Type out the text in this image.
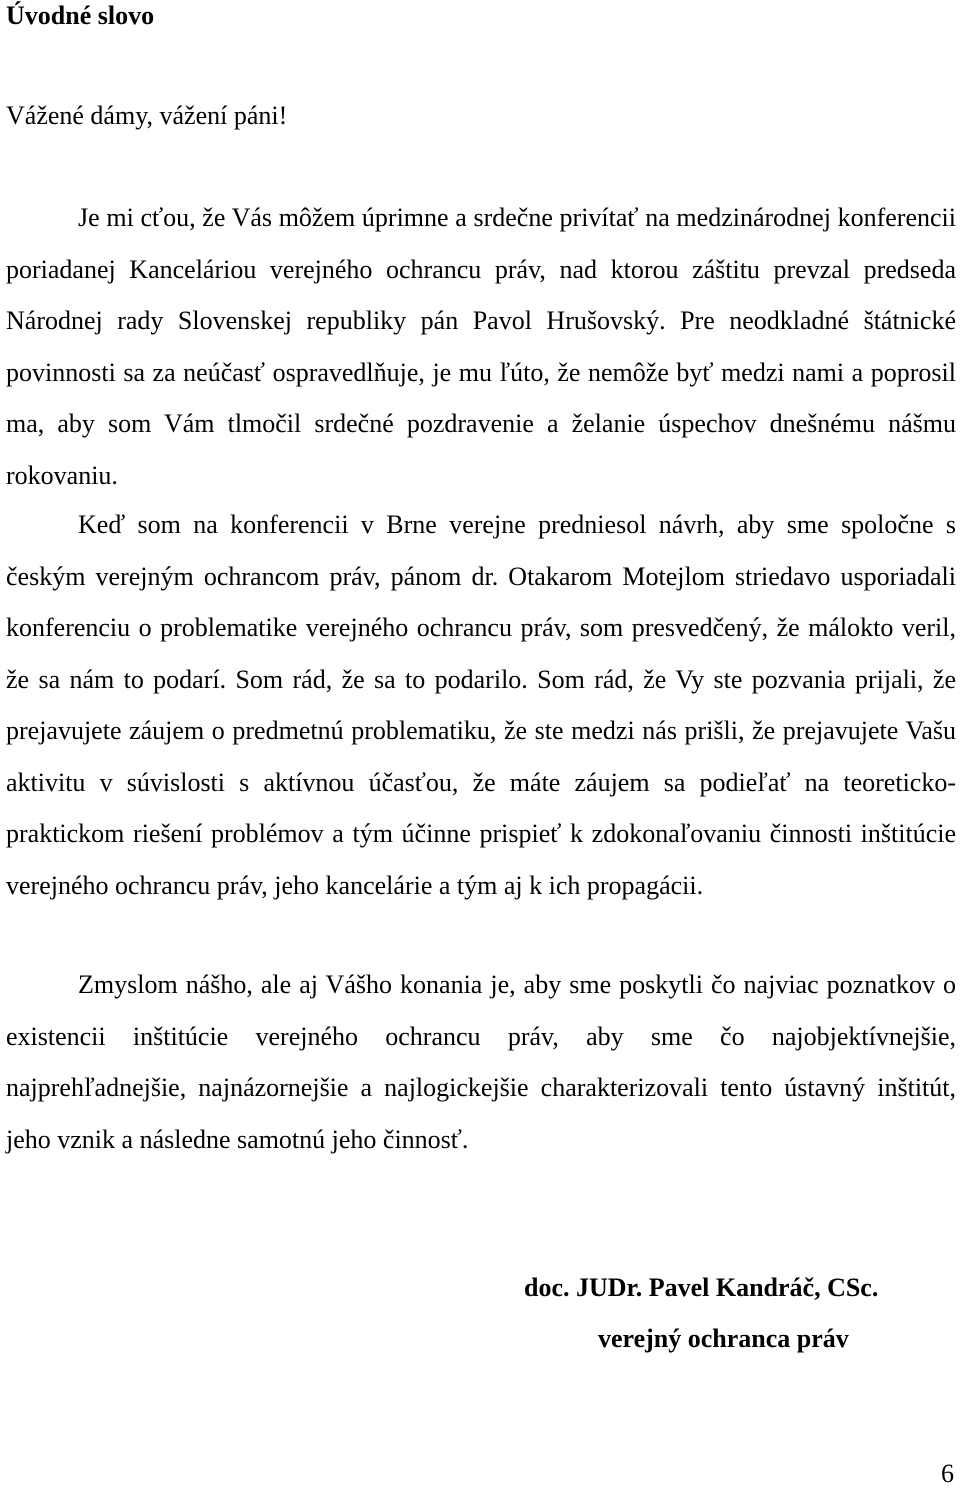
Úvodné slovo
Vážené dámy, vážení páni!

Je mi cťou, že Vás môžem úprimne a srdečne privítať na medzinárodnej konferencii poriadanej Kanceláriou verejného ochrancu práv, nad ktorou záštitu prevzal predseda Národnej rady Slovenskej republiky pán Pavol Hrušovský. Pre neodkladné štátnické povinnosti sa za neúčasť ospravedlňuje, je mu ľúto, že nemôže byť medzi nami a poprosil ma, aby som Vám tlmočil srdečné pozdravenie a želanie úspechov dnešnému nášmu rokovaniu.

Keď som na konferencii v Brne verejne predniesol návrh, aby sme spoločne s českým verejným ochrancom práv, pánom dr. Otakarom Motejlom striedavo usporiadali konferenciu o problematike verejného ochrancu práv, som presvedčený, že málokto veril, že sa nám to podarí. Som rád, že sa to podarilo. Som rád, že Vy ste pozvania prijali, že prejavujete záujem o predmetnú problematiku, že ste medzi nás prišli, že prejavujete Vašu aktivitu v súvislosti s aktívnou účasťou, že máte záujem sa podieľať na teoreticko-praktickom riešení problémov a tým účinne prispieť k zdokonaľovaniu činnosti inštitúcie verejného ochrancu práv, jeho kancelárie a tým aj k ich propagácii.

Zmyslom nášho, ale aj Vášho konania je, aby sme poskytli čo najviac poznatkov o existencii inštitúcie verejného ochrancu práv, aby sme čo najobjektívnejšie, najprehľadnejšie, najnázornejšie a najlogickejšie charakterizovali tento ústavný inštitút, jeho vznik a následne samotnú jeho činnosť.

doc. JUDr. Pavel Kandráč, CSc.
verejný ochranca práv
6
